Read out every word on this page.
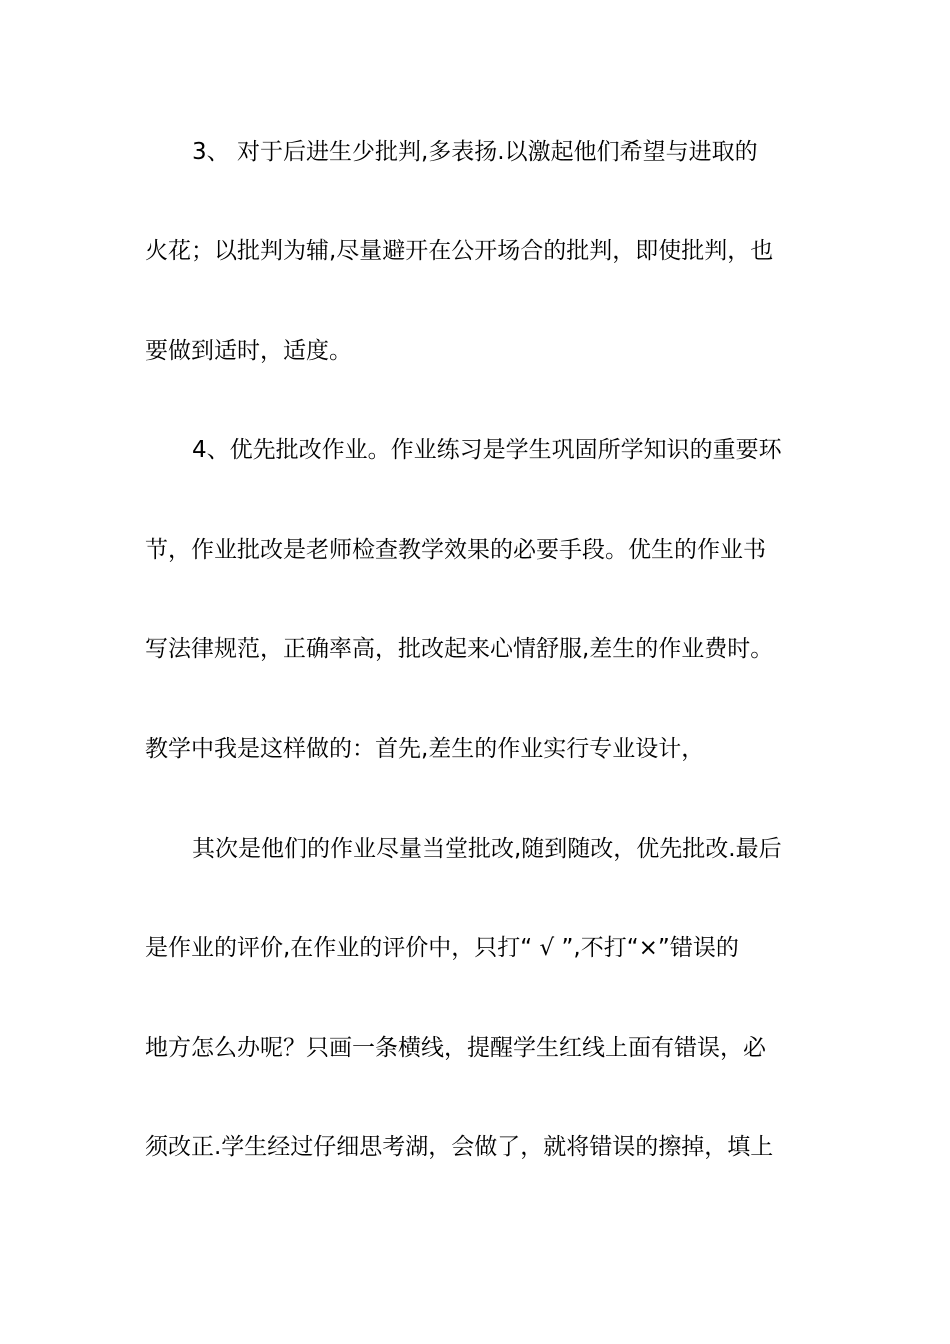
3、 对于后进生少批判,多表扬.以激起他们希望与进取的
火花；以批判为辅,尽量避开在公开场合的批判，即使批判，也
要做到适时，适度。
4、优先批改作业。作业练习是学生巩固所学知识的重要环
节，作业批改是老师检查教学效果的必要手段。优生的作业书
写法律规范，正确率高，批改起来心情舒服,差生的作业费时。
教学中我是这样做的：首先,差生的作业实行专业设计，
其次是他们的作业尽量当堂批改,随到随改，优先批改.最后
是作业的评价,在作业的评价中，只打“ √ ”,不打“×”错误的
地方怎么办呢？只画一条横线，提醒学生红线上面有错误，必
须改正.学生经过仔细思考湖，会做了，就将错误的擦掉，填上
